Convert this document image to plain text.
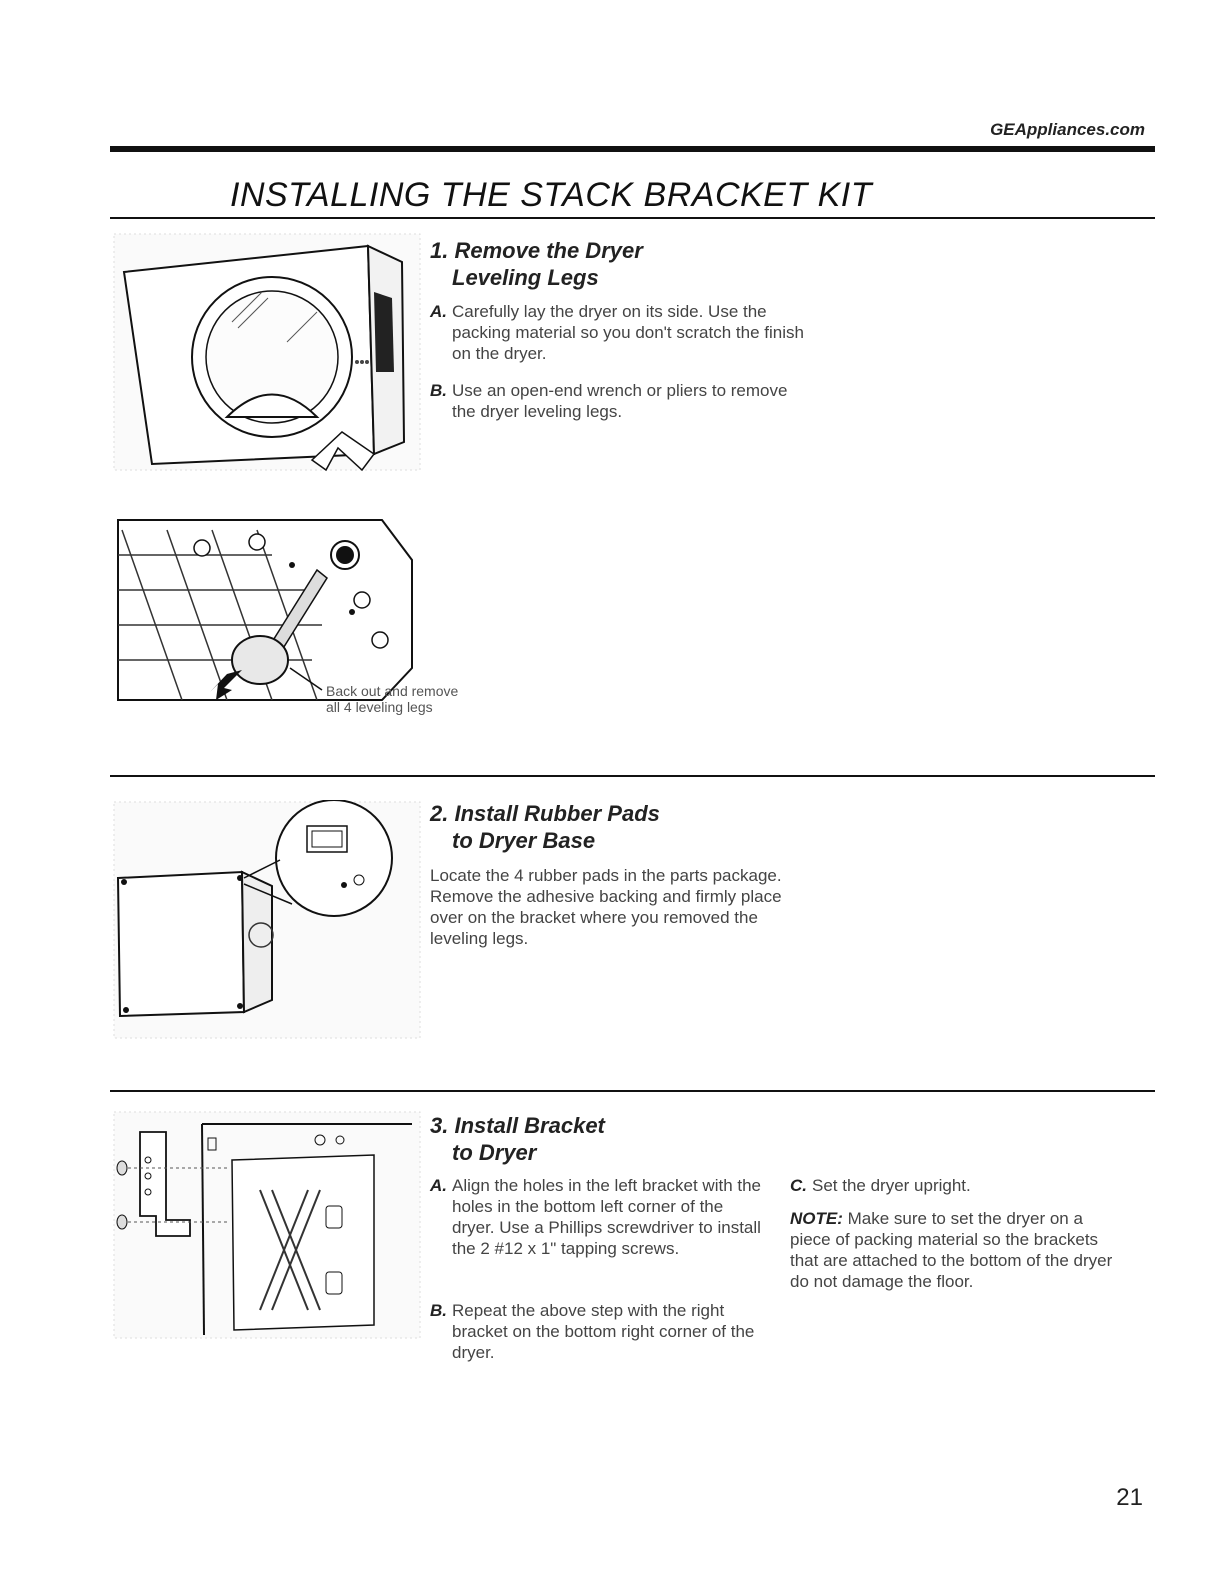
GEAppliances.com
INSTALLING THE STACK BRACKET KIT
1. Remove the Dryer
Leveling Legs
A. Carefully lay the dryer on its side. Use the packing material so you don't scratch the finish on the dryer.
B. Use an open-end wrench or pliers to remove the dryer leveling legs.
Back out and remove
all 4 leveling legs
2. Install Rubber Pads
to Dryer Base
Locate the 4 rubber pads in the parts package. Remove the adhesive backing and firmly place over on the bracket where you removed the leveling legs.
3. Install Bracket
to Dryer
A. Align the holes in the left bracket with the holes in the bottom left corner of the dryer. Use a Phillips screwdriver to install the 2 #12 x 1" tapping screws.
B. Repeat the above step with the right bracket on the bottom right corner of the dryer.
C. Set the dryer upright.
NOTE: Make sure to set the dryer on a piece of packing material so the brackets that are attached to the bottom of the dryer do not damage the floor.
21
